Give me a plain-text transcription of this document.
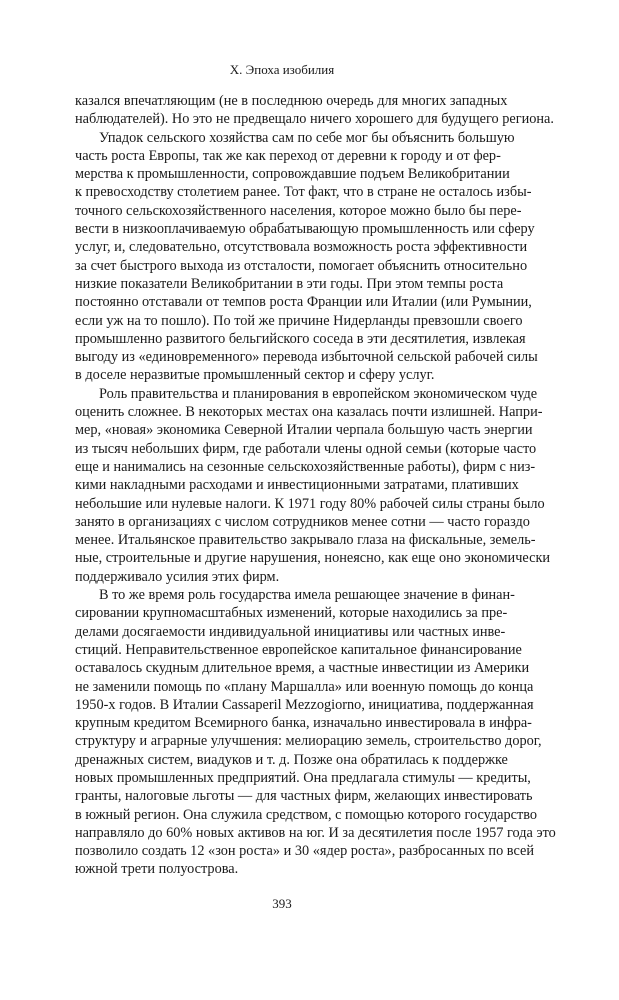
X. Эпоха изобилия
казался впечатляющим (не в последнюю очередь для многих западных
наблюдателей). Но это не предвещало ничего хорошего для будущего региона.
Упадок сельского хозяйства сам по себе мог бы объяснить большую
часть роста Европы, так же как переход от деревни к городу и от фер-
мерства к промышленности, сопровождавшие подъем Великобритании
к превосходству столетием ранее. Тот факт, что в стране не осталось избы-
точного сельскохозяйственного населения, которое можно было бы пере-
вести в низкооплачиваемую обрабатывающую промышленность или сферу
услуг, и, следовательно, отсутствовала возможность роста эффективности
за счет быстрого выхода из отсталости, помогает объяснить относительно
низкие показатели Великобритании в эти годы. При этом темпы роста
постоянно отставали от темпов роста Франции или Италии (или Румынии,
если уж на то пошло). По той же причине Нидерланды превзошли своего
промышленно развитого бельгийского соседа в эти десятилетия, извлекая
выгоду из «единовременного» перевода избыточной сельской рабочей силы
в доселе неразвитые промышленный сектор и сферу услуг.
Роль правительства и планирования в европейском экономическом чуде
оценить сложнее. В некоторых местах она казалась почти излишней. Напри-
мер, «новая» экономика Северной Италии черпала большую часть энергии
из тысяч небольших фирм, где работали члены одной семьи (которые часто
еще и нанимались на сезонные сельскохозяйственные работы), фирм с низ-
кими накладными расходами и инвестиционными затратами, плативших
небольшие или нулевые налоги. К 1971 году 80% рабочей силы страны было
занято в организациях с числом сотрудников менее сотни — часто гораздо
менее. Итальянское правительство закрывало глаза на фискальные, земель-
ные, строительные и другие нарушения, нонеясно, как еще оно экономически
поддерживало усилия этих фирм.
В то же время роль государства имела решающее значение в финан-
сировании крупномасштабных изменений, которые находились за пре-
делами досягаемости индивидуальной инициативы или частных инве-
стиций. Неправительственное европейское капитальное финансирование
оставалось скудным длительное время, а частные инвестиции из Америки
не заменили помощь по «плану Маршалла» или военную помощь до конца
1950-х годов. В Италии Cassaperil Mezzogiorno, инициатива, поддержанная
крупным кредитом Всемирного банка, изначально инвестировала в инфра-
структуру и аграрные улучшения: мелиорацию земель, строительство дорог,
дренажных систем, виадуков и т. д. Позже она обратилась к поддержке
новых промышленных предприятий. Она предлагала стимулы — кредиты,
гранты, налоговые льготы — для частных фирм, желающих инвестировать
в южный регион. Она служила средством, с помощью которого государство
направляло до 60% новых активов на юг. И за десятилетия после 1957 года это
позволило создать 12 «зон роста» и 30 «ядер роста», разбросанных по всей
южной трети полуострова.
393
